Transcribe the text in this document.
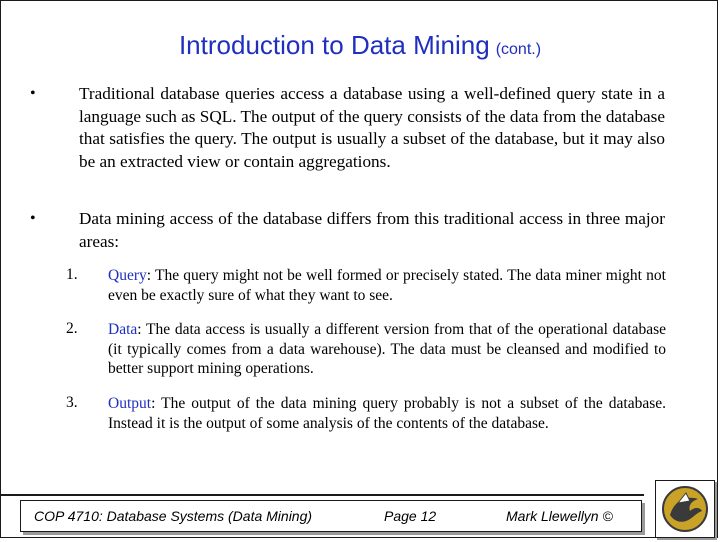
Introduction to Data Mining (cont.)
•	Traditional database queries access a database using a well-defined query state in a language such as SQL. The output of the query consists of the data from the database that satisfies the query. The output is usually a subset of the database, but it may also be an extracted view or contain aggregations.
•	Data mining access of the database differs from this traditional access in three major areas:
1. Query: The query might not be well formed or precisely stated. The data miner might not even be exactly sure of what they want to see.
2. Data: The data access is usually a different version from that of the operational database (it typically comes from a data warehouse). The data must be cleansed and modified to better support mining operations.
3. Output: The output of the data mining query probably is not a subset of the database. Instead it is the output of some analysis of the contents of the database.
COP 4710: Database Systems (Data Mining)	Page 12	Mark Llewellyn ©
